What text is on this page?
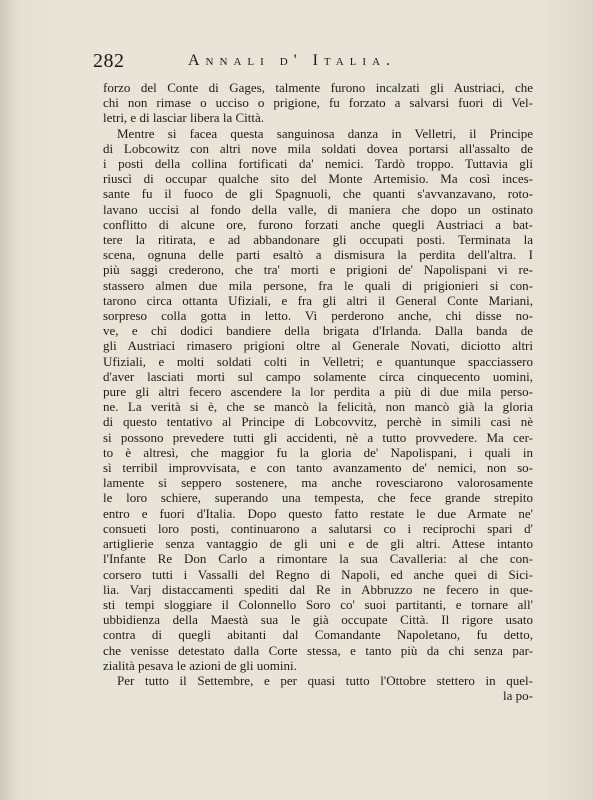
282	Annali d' Italia.
forzo del Conte di Gages, talmente furono incalzati gli Austriaci, che
chi non rimase o ucciso o prigione, fu forzato a salvarsi fuori di Vel-
letri, e di lasciar libera la Città.
Mentre si facea questa sanguinosa danza in Velletri, il Principe
di Lobcowitz con altri nove mila soldati dovea portarsi all'assalto de
i posti della collina fortificati da' nemici. Tardò troppo. Tuttavia gli
riuscì di occupar qualche sito del Monte Artemisio. Ma così inces-
sante fu il fuoco de gli Spagnuoli, che quanti s'avvanzavano, roto-
lavano uccisi al fondo della valle, di maniera che dopo un ostinato
conflitto di alcune ore, furono forzati anche quegli Austriaci a bat-
tere la ritirata, e ad abbandonare gli occupati posti. Terminata la
scena, ognuna delle parti esaltò a dismisura la perdita dell'altra. I
più saggi crederono, che tra' morti e prigioni de' Napolispani vi re-
stassero almen due mila persone, fra le quali di prigionieri si con-
tarono circa ottanta Ufiziali, e fra gli altri il General Conte Mariani,
sorpreso colla gotta in letto. Vi perderono anche, chi disse no-
ve, e chi dodici bandiere della brigata d'Irlanda. Dalla banda de
gli Austriaci rimasero prigioni oltre al Generale Novati, diciotto altri
Ufiziali, e molti soldati colti in Velletri; e quantunque spacciassero
d'aver lasciati morti sul campo solamente circa cinquecento uomini,
pure gli altri fecero ascendere la lor perdita a più di due mila perso-
ne. La verità si è, che se mancò la felicità, non mancò già la gloria
di questo tentativo al Principe di Lobcovvitz, perchè in simili casi nè
si possono prevedere tutti gli accidenti, nè a tutto provvedere. Ma cer-
to è altresì, che maggior fu la gloria de' Napolispani, i quali in
sì terribil improvvisata, e con tanto avanzamento de' nemici, non so-
lamente si seppero sostenere, ma anche rovesciarono valorosamente
le loro schiere, superando una tempesta, che fece grande strepito
entro e fuori d'Italia. Dopo questo fatto restate le due Armate ne'
consueti loro posti, continuarono a salutarsi co i reciprochi spari d'
artiglierie senza vantaggio de gli uni e de gli altri. Attese intanto
l'Infante Re Don Carlo a rimontare la sua Cavalleria: al che con-
corsero tutti i Vassalli del Regno di Napoli, ed anche quei di Sici-
lia. Varj distaccamenti spediti dal Re in Abbruzzo ne fecero in que-
sti tempi sloggiare il Colonnello Soro co' suoi partitanti, e tornare all'
ubbidienza della Maestà sua le già occupate Città. Il rigore usato
contra di quegli abitanti dal Comandante Napoletano, fu detto,
che venisse detestato dalla Corte stessa, e tanto più da chi senza par-
zialità pesava le azioni de gli uomini.
Per tutto il Settembre, e per quasi tutto l'Ottobre stettero in quel-
la po-
